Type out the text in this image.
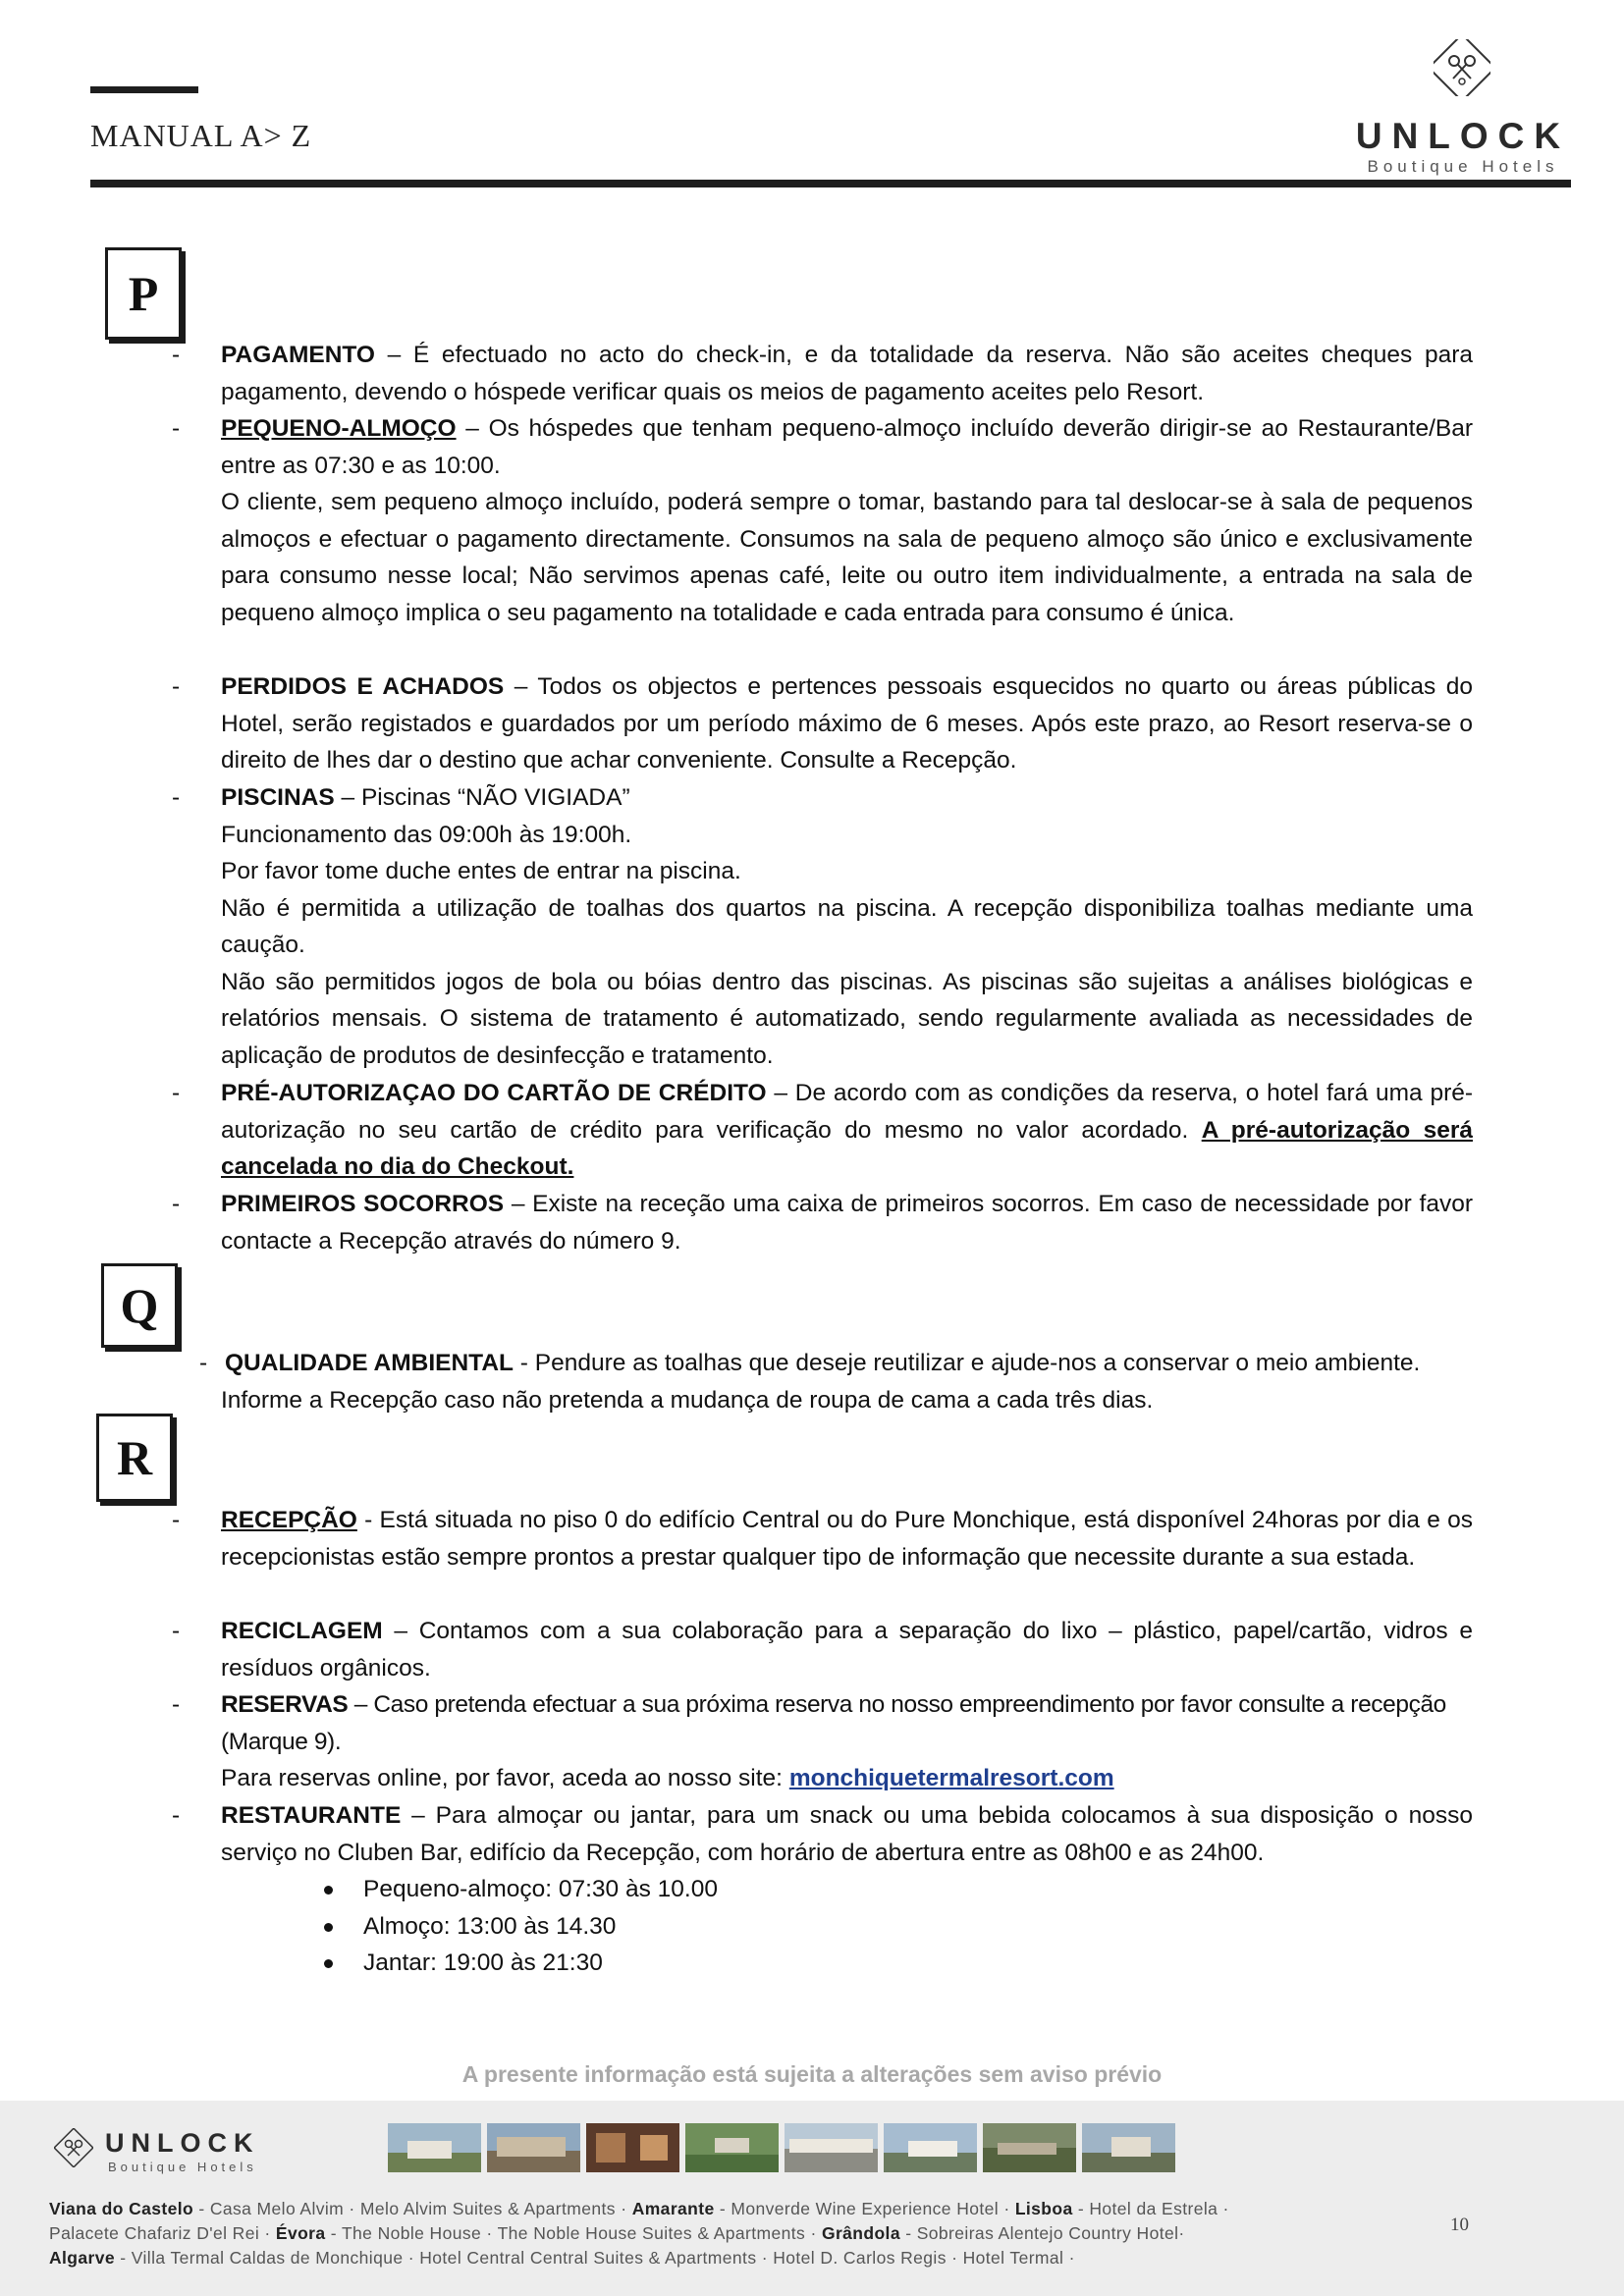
MANUAL A> Z	UNLOCK
Boutique Hotels
P
Q
R
- PAGAMENTO – É efectuado no acto do check-in, e da totalidade da reserva. Não são aceites cheques para pagamento, devendo o hóspede verificar quais os meios de pagamento aceites pelo Resort.

- PEQUENO-ALMOÇO – Os hóspedes que tenham pequeno-almoço incluído deverão dirigir-se ao Restaurante/Bar entre as 07:30 e as 10:00.

O cliente, sem pequeno almoço incluído, poderá sempre o tomar, bastando para tal deslocar-se à sala de pequenos almoços e efectuar o pagamento directamente. Consumos na sala de pequeno almoço são único e exclusivamente para consumo nesse local; Não servimos apenas café, leite ou outro item individualmente, a entrada na sala de pequeno almoço implica o seu pagamento na totalidade e cada entrada para consumo é única.

- PERDIDOS E ACHADOS – Todos os objectos e pertences pessoais esquecidos no quarto ou áreas públicas do Hotel, serão registados e guardados por um período máximo de 6 meses. Após este prazo, ao Resort reserva-se o direito de lhes dar o destino que achar conveniente. Consulte a Recepção.

- PISCINAS – Piscinas “NÃO VIGIADA”

Funcionamento das 09:00h às 19:00h.

Por favor tome duche entes de entrar na piscina.

Não é permitida a utilização de toalhas dos quartos na piscina. A recepção disponibiliza toalhas mediante uma caução.

Não são permitidos jogos de bola ou bóias dentro das piscinas. As piscinas são sujeitas a análises biológicas e relatórios mensais. O sistema de tratamento é automatizado, sendo regularmente avaliada as necessidades de aplicação de produtos de desinfecção e tratamento.

- PRÉ-AUTORIZAÇAO DO CARTÃO DE CRÉDITO – De acordo com as condições da reserva, o hotel fará uma pré-autorização no seu cartão de crédito para verificação do mesmo no valor acordado. A pré-autorização será cancelada no dia do Checkout.

- PRIMEIROS SOCORROS – Existe na receção uma caixa de primeiros socorros. Em caso de necessidade por favor contacte a Recepção através do número 9.

- QUALIDADE AMBIENTAL - Pendure as toalhas que deseje reutilizar e ajude-nos a conservar o meio ambiente. Informe a Recepção caso não pretenda a mudança de roupa de cama a cada três dias.

- RECEPÇÃO - Está situada no piso 0 do edifício Central ou do Pure Monchique, está disponível 24horas por dia e os recepcionistas estão sempre prontos a prestar qualquer tipo de informação que necessite durante a sua estada.

- RECICLAGEM – Contamos com a sua colaboração para a separação do lixo – plástico, papel/cartão, vidros e resíduos orgânicos.

- RESERVAS – Caso pretenda efectuar a sua próxima reserva no nosso empreendimento por favor consulte a recepção (Marque 9).

Para reservas online, por favor, aceda ao nosso site: monchiquetermalresort.com

- RESTAURANTE – Para almoçar ou jantar, para um snack ou uma bebida colocamos à sua disposição o nosso serviço no Cluben Bar, edifício da Recepção, com horário de abertura entre as 08h00 e as 24h00.

Pequeno-almoço: 07:30 às 10.00
Almoço: 13:00 às 14.30
Jantar: 19:00 às 21:30
A presente informação está sujeita a alterações sem aviso prévio
UNLOCK
Boutique Hotels
Viana do Castelo - Casa Melo Alvim · Melo Alvim Suites & Apartments · Amarante - Monverde Wine Experience Hotel · Lisboa - Hotel da Estrela ·
Palacete Chafariz D'el Rei · Évora - The Noble House · The Noble House Suites & Apartments · Grândola - Sobreiras Alentejo Country Hotel·
Algarve - Villa Termal Caldas de Monchique · Hotel Central Central Suites & Apartments · Hotel D. Carlos Regis · Hotel Termal ·
10
